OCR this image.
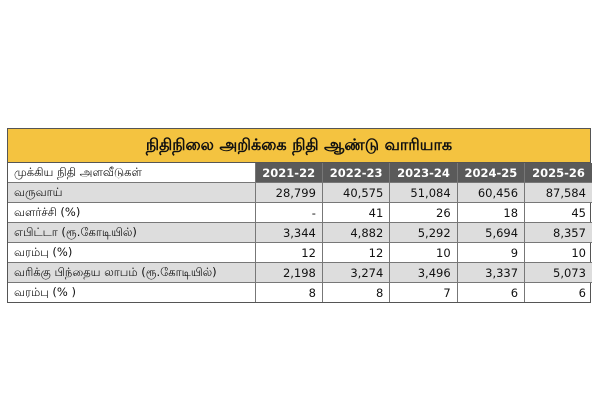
நிதிநிலை அறிக்கை நிதி ஆண்டு வாரியாக
முக்கிய நிதி அளவீடுகள்	2021-22	2022-23	2023-24	2024-25	2025-26
வருவாய்	28,799	40,575	51,084	60,456	87,584
வளர்ச்சி (%)	-	41	26	18	45
எபிட்டா (ரூ.கோடியில்)	3,344	4,882	5,292	5,694	8,357
வரம்பு (%)	12	12	10	9	10
வரிக்கு பிந்தைய லாபம் (ரூ.கோடியில்)	2,198	3,274	3,496	3,337	5,073
வரம்பு (% )	8	8	7	6	6
